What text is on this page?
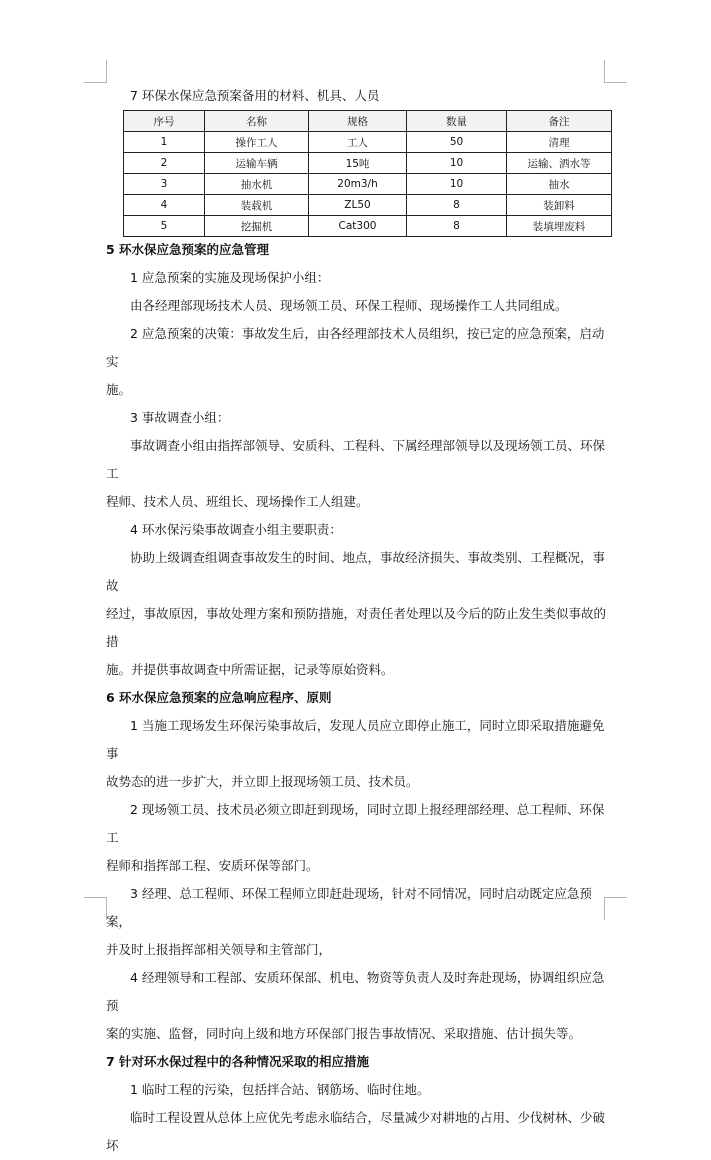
7 环保水保应急预案备用的材料、机具、人员
序号	名称	规格	数量	备注
1	操作工人	工人	50	清理
2	运输车辆	15吨	10	运输、洒水等
3	抽水机	20m3/h	10	抽水
4	装载机	ZL50	8	装卸料
5	挖掘机	Cat300	8	装填埋废料

5 环水保应急预案的应急管理

1 应急预案的实施及现场保护小组：

由各经理部现场技术人员、现场领工员、环保工程师、现场操作工人共同组成。

2 应急预案的决策：事故发生后，由各经理部技术人员组织，按已定的应急预案，启动实

施。

3 事故调查小组：

事故调查小组由指挥部领导、安质科、工程科、下属经理部领导以及现场领工员、环保工

程师、技术人员、班组长、现场操作工人组建。

4 环水保污染事故调查小组主要职责：

协助上级调查组调查事故发生的时间、地点，事故经济损失、事故类别、工程概况，事故

经过，事故原因，事故处理方案和预防措施，对责任者处理以及今后的防止发生类似事故的措

施。并提供事故调查中所需证据，记录等原始资料。

6 环水保应急预案的应急响应程序、原则

1 当施工现场发生环保污染事故后，发现人员应立即停止施工，同时立即采取措施避免事

故势态的进一步扩大，并立即上报现场领工员、技术员。

2 现场领工员、技术员必须立即赶到现场，同时立即上报经理部经理、总工程师、环保工

程师和指挥部工程、安质环保等部门。

3 经理、总工程师、环保工程师立即赶赴现场，针对不同情况，同时启动既定应急预案，

并及时上报指挥部相关领导和主管部门，

4 经理领导和工程部、安质环保部、机电、物资等负责人及时奔赴现场，协调组织应急预

案的实施、监督，同时向上级和地方环保部门报告事故情况、采取措施、估计损失等。

7 针对环水保过程中的各种情况采取的相应措施

1 临时工程的污染，包括拌合站、钢筋场、临时住地。

临时工程设置从总体上应优先考虑永临结合，尽量减少对耕地的占用、少伐树林、少破坏
